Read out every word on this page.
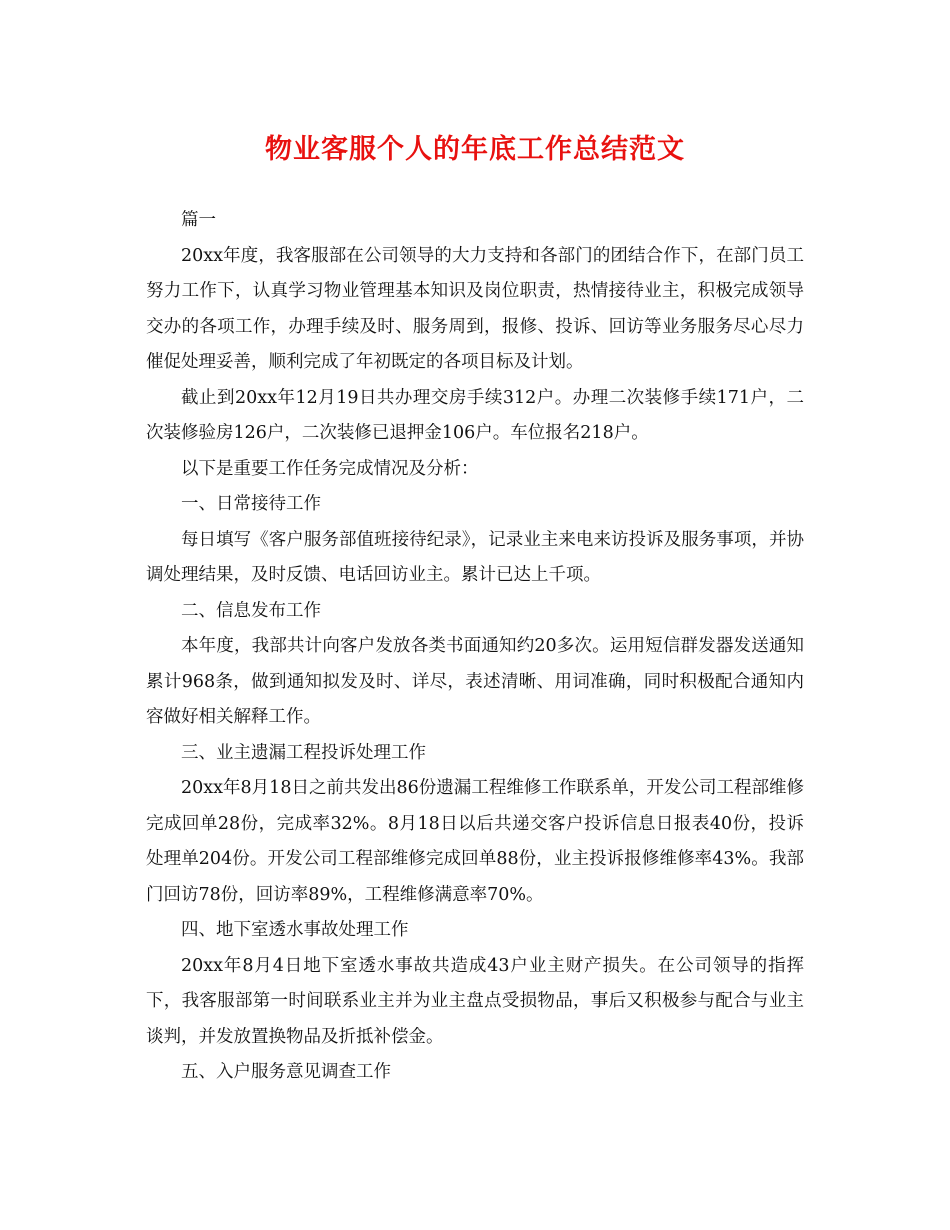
物业客服个人的年底工作总结范文

篇一

20xx年度，我客服部在公司领导的大力支持和各部门的团结合作下，在部门员工努力工作下，认真学习物业管理基本知识及岗位职责，热情接待业主，积极完成领导交办的各项工作，办理手续及时、服务周到，报修、投诉、回访等业务服务尽心尽力催促处理妥善，顺利完成了年初既定的各项目标及计划。

截止到20xx年12月19日共办理交房手续312户。办理二次装修手续171户，二次装修验房126户，二次装修已退押金106户。车位报名218户。

以下是重要工作任务完成情况及分析：

一、日常接待工作

每日填写《客户服务部值班接待纪录》，记录业主来电来访投诉及服务事项，并协调处理结果，及时反馈、电话回访业主。累计已达上千项。

二、信息发布工作

本年度，我部共计向客户发放各类书面通知约20多次。运用短信群发器发送通知累计968条，做到通知拟发及时、详尽，表述清晰、用词准确，同时积极配合通知内容做好相关解释工作。

三、业主遗漏工程投诉处理工作

20xx年8月18日之前共发出86份遗漏工程维修工作联系单，开发公司工程部维修完成回单28份，完成率32%。8月18日以后共递交客户投诉信息日报表40份，投诉处理单204份。开发公司工程部维修完成回单88份，业主投诉报修维修率43%。我部门回访78份，回访率89%，工程维修满意率70%。

四、地下室透水事故处理工作

20xx年8月4日地下室透水事故共造成43户业主财产损失。在公司领导的指挥下，我客服部第一时间联系业主并为业主盘点受损物品，事后又积极参与配合与业主谈判，并发放置换物品及折抵补偿金。

五、入户服务意见调查工作
